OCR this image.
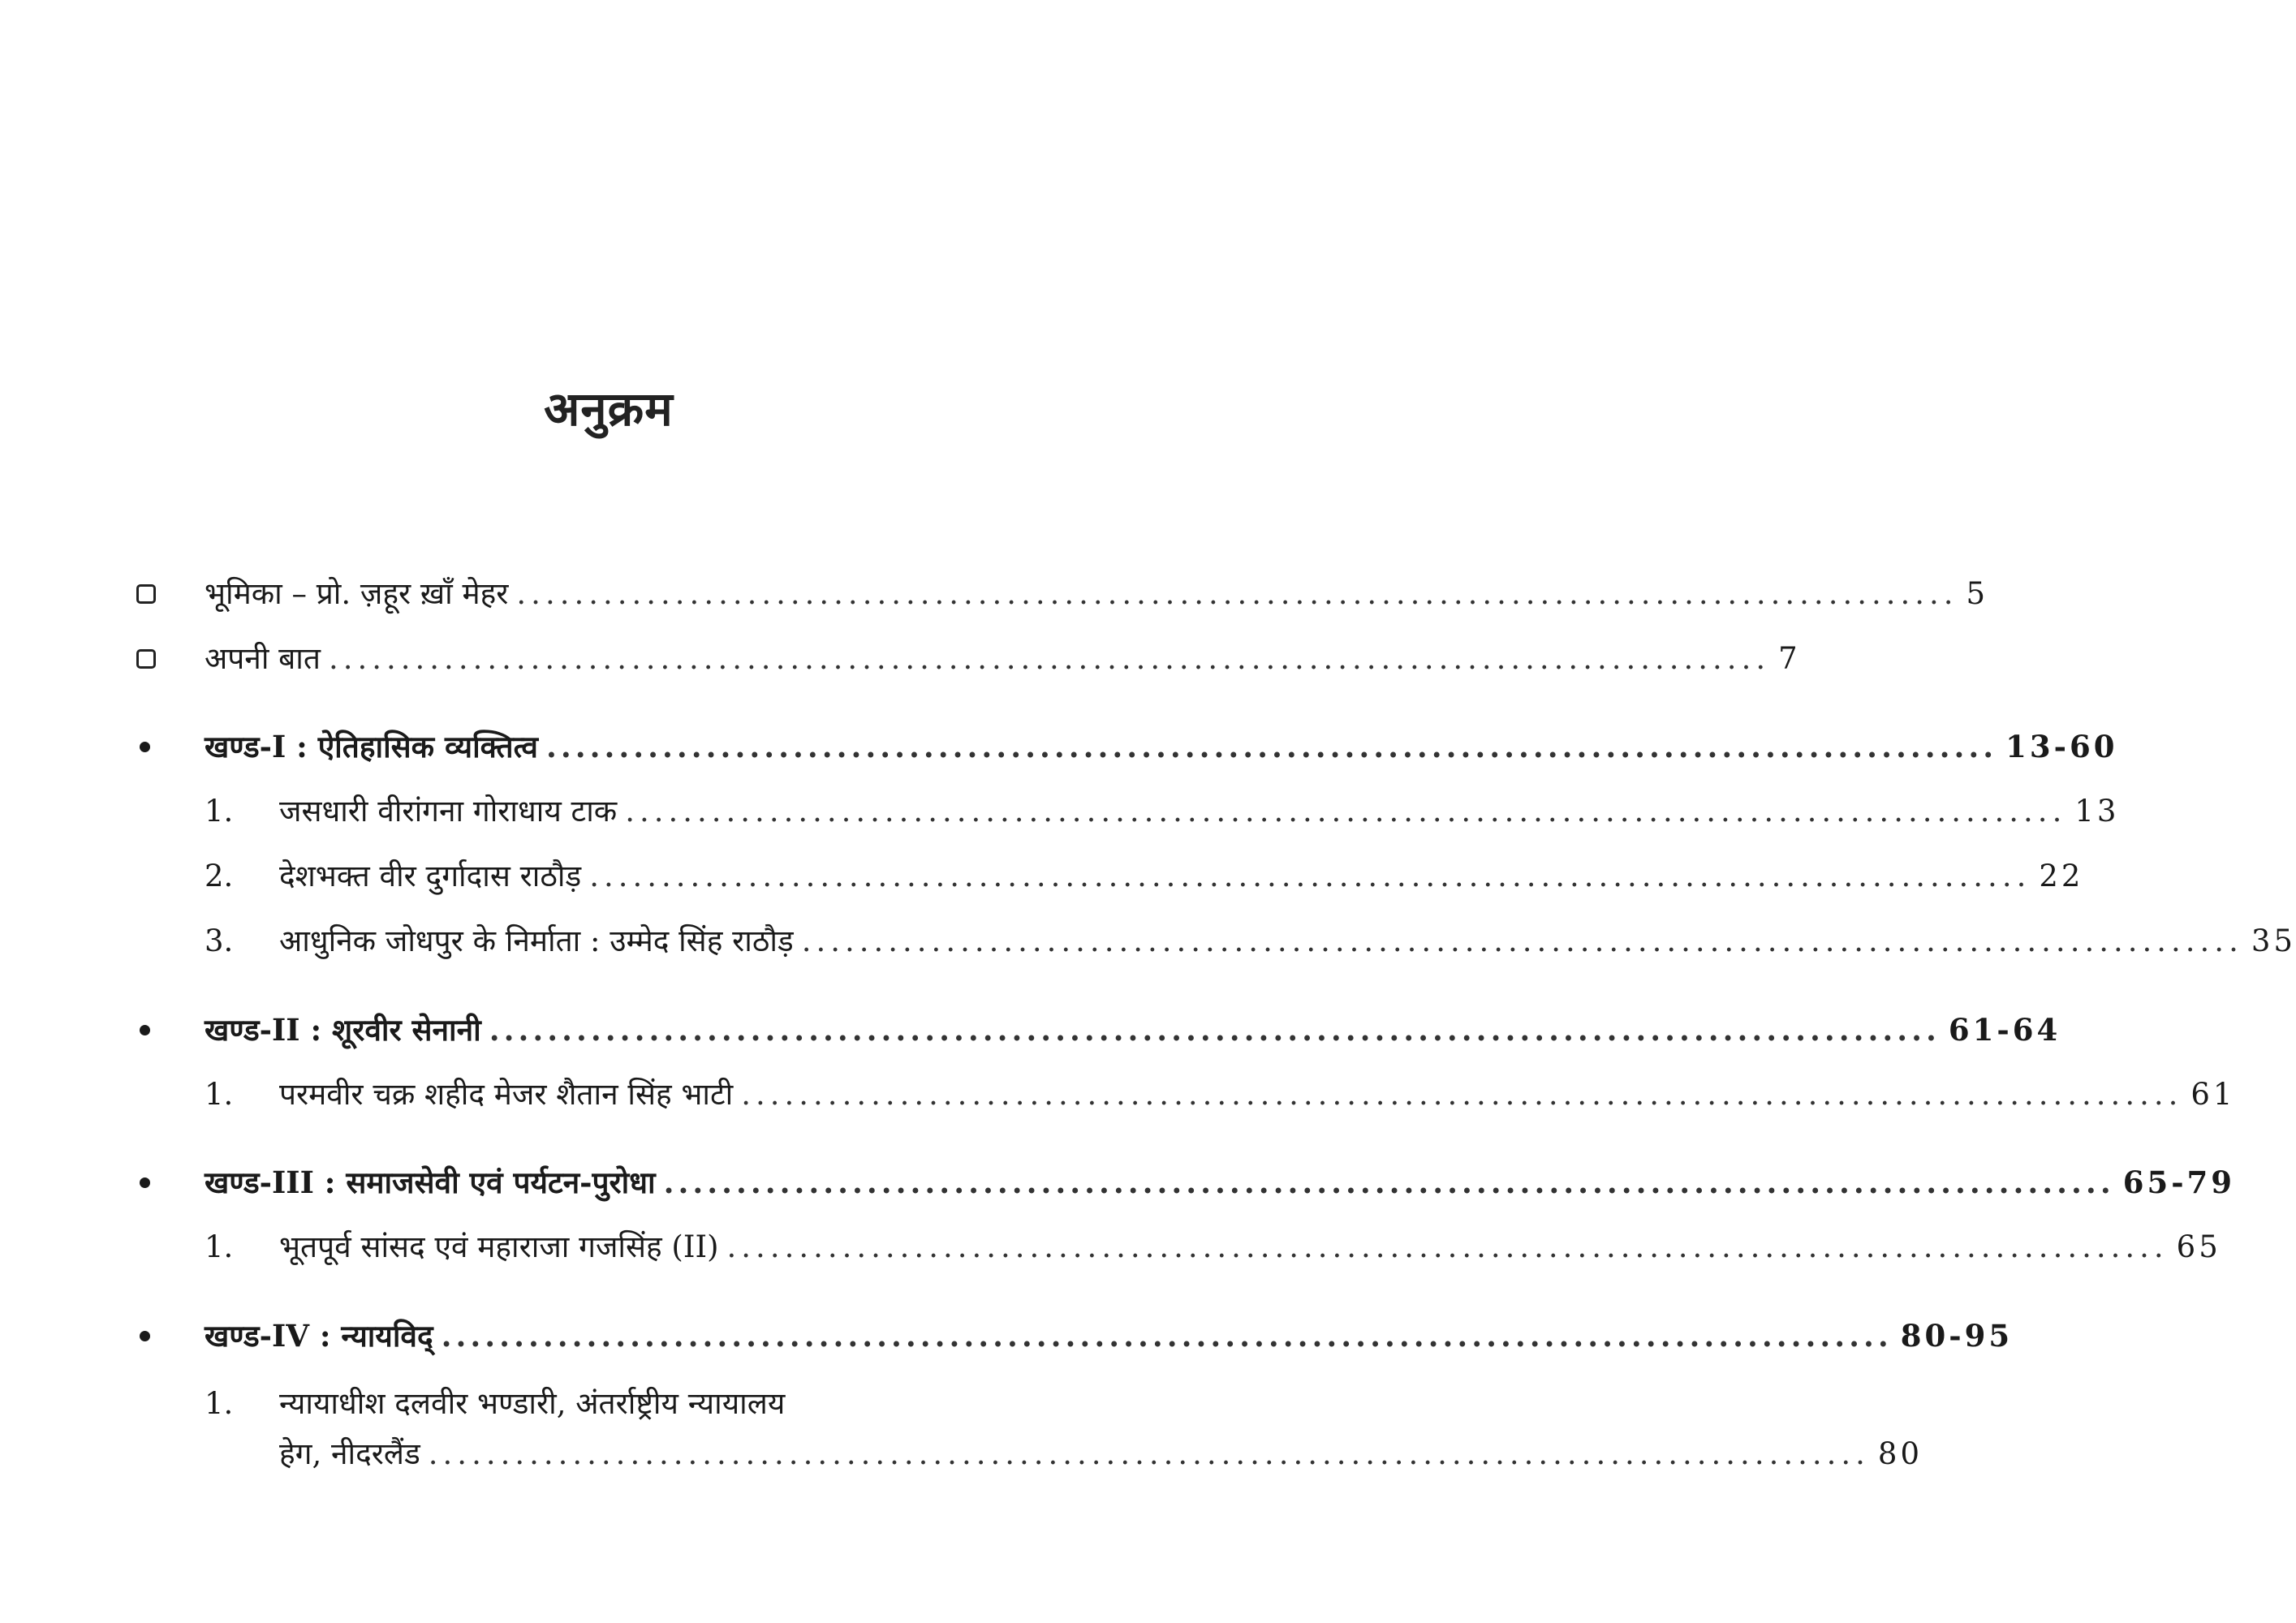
अनुक्रम
भूमिका – प्रो. ज़हूर ख़ाँ मेहर .................................................................................................... 5
अपनी बात .................................................................................................... 7
खण्ड-I : ऐतिहासिक व्यक्तित्व .................................................................................................... 13-60
1.	जसधारी वीरांगना गोराधाय टाक .................................................................................................... 13
2.	देशभक्त वीर दुर्गादास राठौड़ .................................................................................................... 22
3.	आधुनिक जोधपुर के निर्माता : उम्मेद सिंह राठौड़ .................................................................................................... 35
खण्ड-II : शूरवीर सेनानी .................................................................................................... 61-64
1.	परमवीर चक्र शहीद मेजर शैतान सिंह भाटी .................................................................................................... 61
खण्ड-III : समाजसेवी एवं पर्यटन-पुरोधा .................................................................................................... 65-79
1.	भूतपूर्व सांसद एवं महाराजा गजसिंह (II) .................................................................................................... 65
खण्ड-IV : न्यायविद् .................................................................................................... 80-95
1.	न्यायाधीश दलवीर भण्डारी, अंतर्राष्ट्रीय न्यायालय
हेग, नीदरलैंड .................................................................................................... 80
